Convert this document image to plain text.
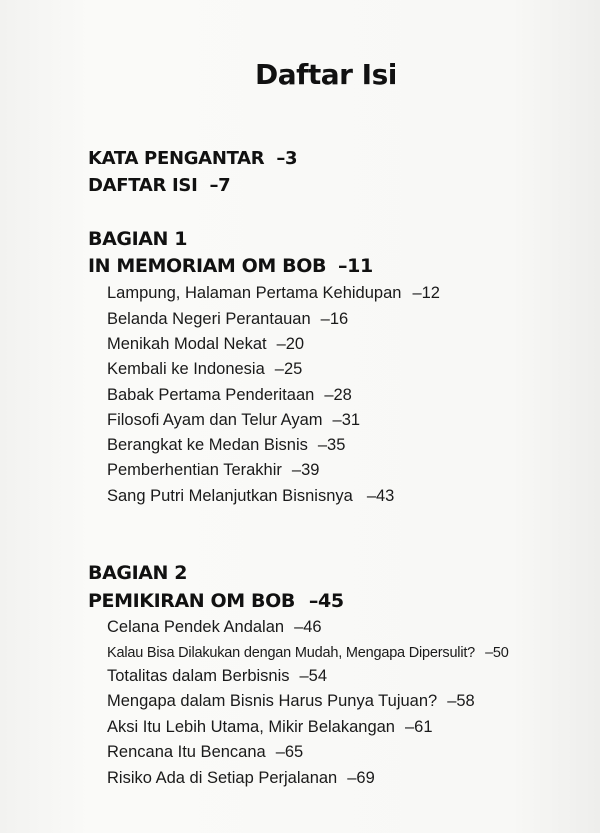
Daftar Isi
KATA PENGANTAR –3
DAFTAR ISI –7
BAGIAN 1
IN MEMORIAM OM BOB –11
Lampung, Halaman Pertama Kehidupan –12
Belanda Negeri Perantauan –16
Menikah Modal Nekat –20
Kembali ke Indonesia –25
Babak Pertama Penderitaan –28
Filosofi Ayam dan Telur Ayam –31
Berangkat ke Medan Bisnis –35
Pemberhentian Terakhir –39
Sang Putri Melanjutkan Bisnisnya –43
BAGIAN 2
PEMIKIRAN OM BOB –45
Celana Pendek Andalan –46
Kalau Bisa Dilakukan dengan Mudah, Mengapa Dipersulit? –50
Totalitas dalam Berbisnis –54
Mengapa dalam Bisnis Harus Punya Tujuan? –58
Aksi Itu Lebih Utama, Mikir Belakangan –61
Rencana Itu Bencana –65
Risiko Ada di Setiap Perjalanan –69
